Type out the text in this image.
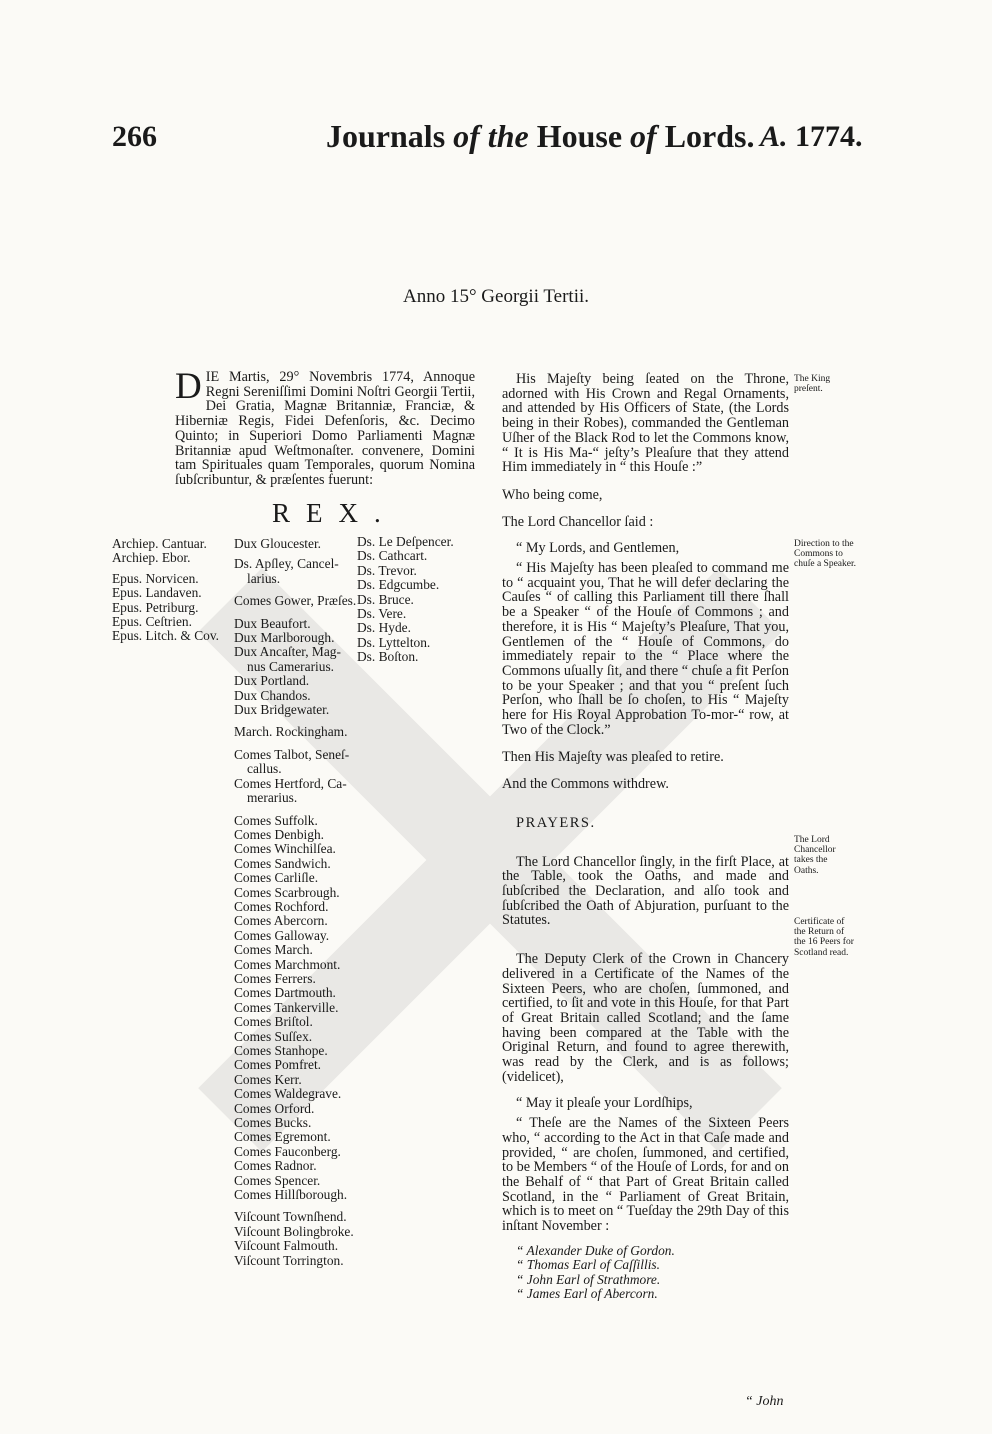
266	Journals of the House of Lords. A. 1774.
Anno 15° Georgii Tertii.
D IE Martis, 29° Novembris 1774, Annoque Regni Sereniſſimi Domini Noſtri Georgii Tertii, Dei Gratia, Magnæ Britanniæ, Franciæ, & Hiberniæ Regis, Fidei Defenſoris, &c. Decimo Quinto; in Superiori Domo Parliamenti Magnæ Britanniæ apud Weſtmonaſter. convenere, Domini tam Spirituales quam Temporales, quorum Nomina ſubſcribuntur, & præſentes fuerunt:
REX.
Archiep. Cantuar.
Archiep. Ebor.
Epus. Norvicen.
Epus. Landaven.
Epus. Petriburg.
Epus. Ceſtrien.
Epus. Litch. & Cov.
Dux Gloucester.
Ds. Apſley, Cancel-
larius.
Comes Gower, Præſes.
Dux Beaufort.
Dux Marlborough.
Dux Ancaſter, Mag-
nus Camerarius.
Dux Portland.
Dux Chandos.
Dux Bridgewater.
March. Rockingham.
Comes Talbot, Seneſ-
callus.
Comes Hertford, Ca-
merarius.
Comes Suffolk.
Comes Denbigh.
Comes Winchilſea.
Comes Sandwich.
Comes Carliſle.
Comes Scarbrough.
Comes Rochford.
Comes Abercorn.
Comes Galloway.
Comes March.
Comes Marchmont.
Comes Ferrers.
Comes Dartmouth.
Comes Tankerville.
Comes Briſtol.
Comes Suſſex.
Comes Stanhope.
Comes Pomfret.
Comes Kerr.
Comes Waldegrave.
Comes Orford.
Comes Bucks.
Comes Egremont.
Comes Fauconberg.
Comes Radnor.
Comes Spencer.
Comes Hillſborough.
Viſcount Townſhend.
Viſcount Bolingbroke.
Viſcount Falmouth.
Viſcount Torrington.
Ds. Le Deſpencer.
Ds. Cathcart.
Ds. Trevor.
Ds. Edgcumbe.
Ds. Bruce.
Ds. Vere.
Ds. Hyde.
Ds. Lyttelton.
Ds. Boſton.

His Majeſty being ſeated on the Throne, adorned with His Crown and Regal Ornaments, and attended by His Officers of State, (the Lords being in their Robes), commanded the Gentleman Uſher of the Black Rod to let the Commons know, “ It is His Ma-“ jeſty’s Pleaſure that they attend Him immediately in “ this Houſe :”

Who being come,

The Lord Chancellor ſaid :

“ My Lords, and Gentlemen,

“ His Majeſty has been pleaſed to command me to “ acquaint you, That he will defer declaring the Cauſes “ of calling this Parliament till there ſhall be a Speaker “ of the Houſe of Commons ; and therefore, it is His “ Majeſty’s Pleaſure, That you, Gentlemen of the “ Houſe of Commons, do immediately repair to the “ Place where the Commons uſually ſit, and there “ chuſe a fit Perſon to be your Speaker ; and that you “ preſent ſuch Perſon, who ſhall be ſo choſen, to His “ Majeſty here for His Royal Approbation To-mor-“ row, at Two of the Clock.”

Then His Majeſty was pleaſed to retire.

And the Commons withdrew.

PRAYERS.

The Lord Chancellor ſingly, in the firſt Place, at the Table, took the Oaths, and made and ſubſcribed the Declaration, and alſo took and ſubſcribed the Oath of Abjuration, purſuant to the Statutes.

The Deputy Clerk of the Crown in Chancery delivered in a Certificate of the Names of the Sixteen Peers, who are choſen, ſummoned, and certified, to ſit and vote in this Houſe, for that Part of Great Britain called Scotland; and the ſame having been compared at the Table with the Original Return, and found to agree therewith, was read by the Clerk, and is as follows; (videlicet),

“ May it pleaſe your Lordſhips,

“ Theſe are the Names of the Sixteen Peers who, “ according to the Act in that Caſe made and provided, “ are choſen, ſummoned, and certified, to be Members “ of the Houſe of Lords, for and on the Behalf of “ that Part of Great Britain called Scotland, in the “ Parliament of Great Britain, which is to meet on “ Tueſday the 29th Day of this inſtant November :

“ Alexander Duke of Gordon.
“ Thomas Earl of Caſſillis.
“ John Earl of Strathmore.
“ James Earl of Abercorn.
The King preſent.
Direction to the Commons to chuſe a Speaker.
The Lord Chancellor takes the Oaths.
Certificate of the Return of the 16 Peers for Scotland read.
“ John
